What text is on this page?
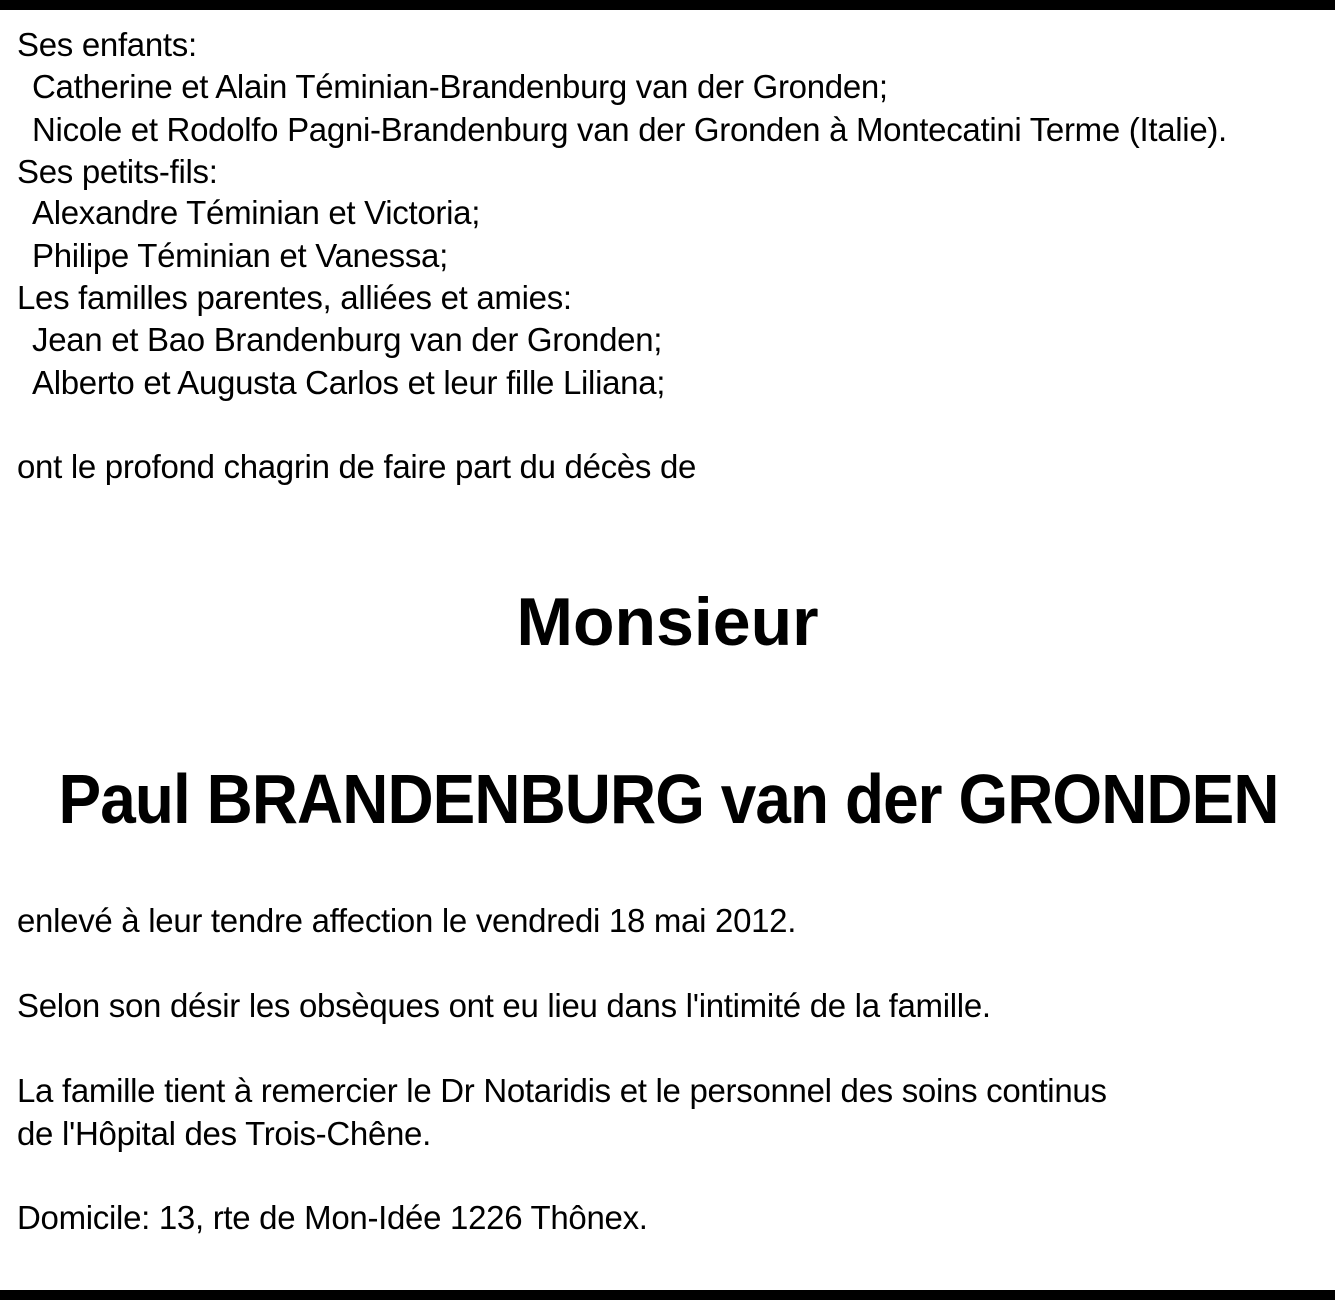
Ses enfants:
Catherine et Alain Téminian-Brandenburg van der Gronden;
Nicole et Rodolfo Pagni-Brandenburg van der Gronden à Montecatini Terme (Italie).
Ses petits-fils:
Alexandre Téminian et Victoria;
Philipe Téminian et Vanessa;
Les familles parentes, alliées et amies:
Jean et Bao Brandenburg van der Gronden;
Alberto et Augusta Carlos et leur fille Liliana;
ont le profond chagrin de faire part du décès de
Monsieur
Paul BRANDENBURG van der GRONDEN
enlevé à leur tendre affection le vendredi 18 mai 2012.
Selon son désir les obsèques ont eu lieu dans l'intimité de la famille.
La famille tient à remercier le Dr Notaridis et le personnel des soins continus
de l'Hôpital des Trois-Chêne.
Domicile: 13, rte de Mon-Idée 1226 Thônex.
